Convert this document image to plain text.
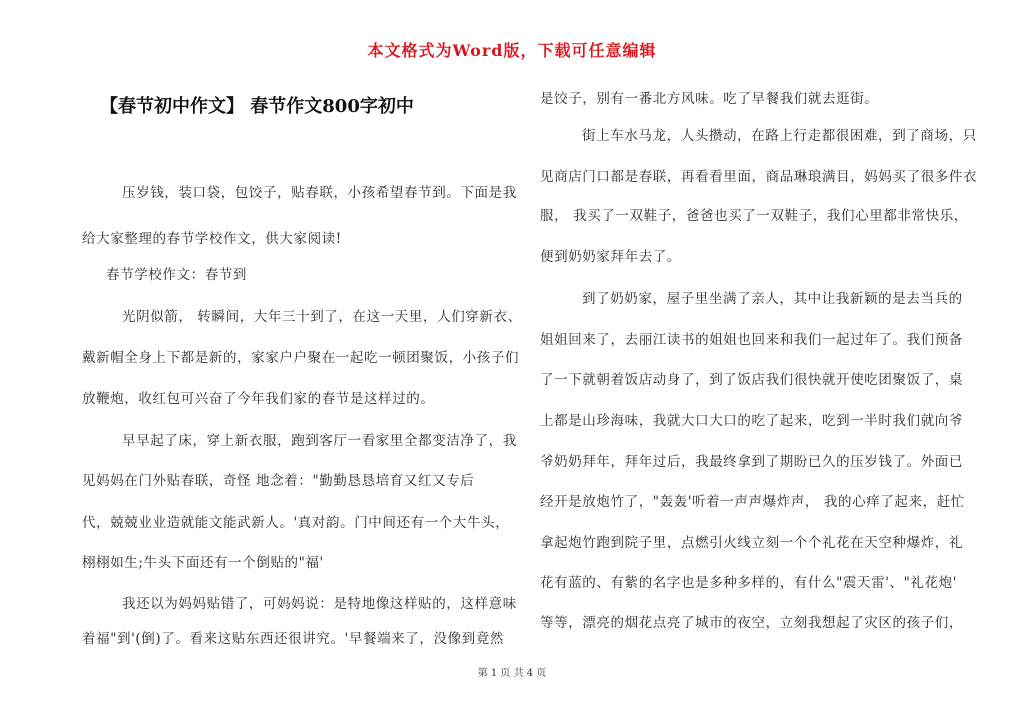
本文格式为Word版，下载可任意编辑
【春节初中作文】 春节作文800字初中
第 1 页 共 4 页
压岁钱，装口袋，包饺子，贴春联，小孩希望春节到。下面是我
给大家整理的春节学校作文，供大家阅读!
春节学校作文：春节到
光阴似箭， 转瞬间，大年三十到了，在这一天里，人们穿新衣、
戴新帽全身上下都是新的，家家户户聚在一起吃一顿团聚饭，小孩子们
放鞭炮，收红包可兴奋了今年我们家的春节是这样过的。
早早起了床，穿上新衣服，跑到客厅一看家里全都变洁净了，我
见妈妈在门外贴春联，奇怪 地念着："勤勤恳恳培育又红又专后
代，兢兢业业造就能文能武新人。'真对韵。门中间还有一个大牛头，
栩栩如生;牛头下面还有一个倒贴的"福'
我还以为妈妈贴错了，可妈妈说：是特地像这样贴的，这样意味
着福"到'(倒)了。看来这贴东西还很讲究。'早餐端来了，没像到竟然
是饺子，别有一番北方风味。吃了早餐我们就去逛街。
街上车水马龙，人头攒动，在路上行走都很困难，到了商场，只
见商店门口都是春联，再看看里面，商品琳琅满目，妈妈买了很多件衣
服， 我买了一双鞋子，爸爸也买了一双鞋子，我们心里都非常快乐，
便到奶奶家拜年去了。
到了奶奶家，屋子里坐满了亲人，其中让我新颖的是去当兵的
姐姐回来了，去丽江读书的姐姐也回来和我们一起过年了。我们预备
了一下就朝着饭店动身了，到了饭店我们很快就开使吃团聚饭了，桌
上都是山珍海味，我就大口大口的吃了起来，吃到一半时我们就向爷
爷奶奶拜年，拜年过后，我最终拿到了期盼已久的压岁钱了。外面已
经开是放炮竹了，"轰轰'听着一声声爆炸声， 我的心痒了起来，赶忙
拿起炮竹跑到院子里，点燃引火线立刻一个个礼花在天空种爆炸，礼
花有蓝的、有紫的名字也是多种多样的，有什么"震天雷'、"礼花炮'
等等，漂亮的烟花点亮了城市的夜空，立刻我想起了灾区的孩子们，
